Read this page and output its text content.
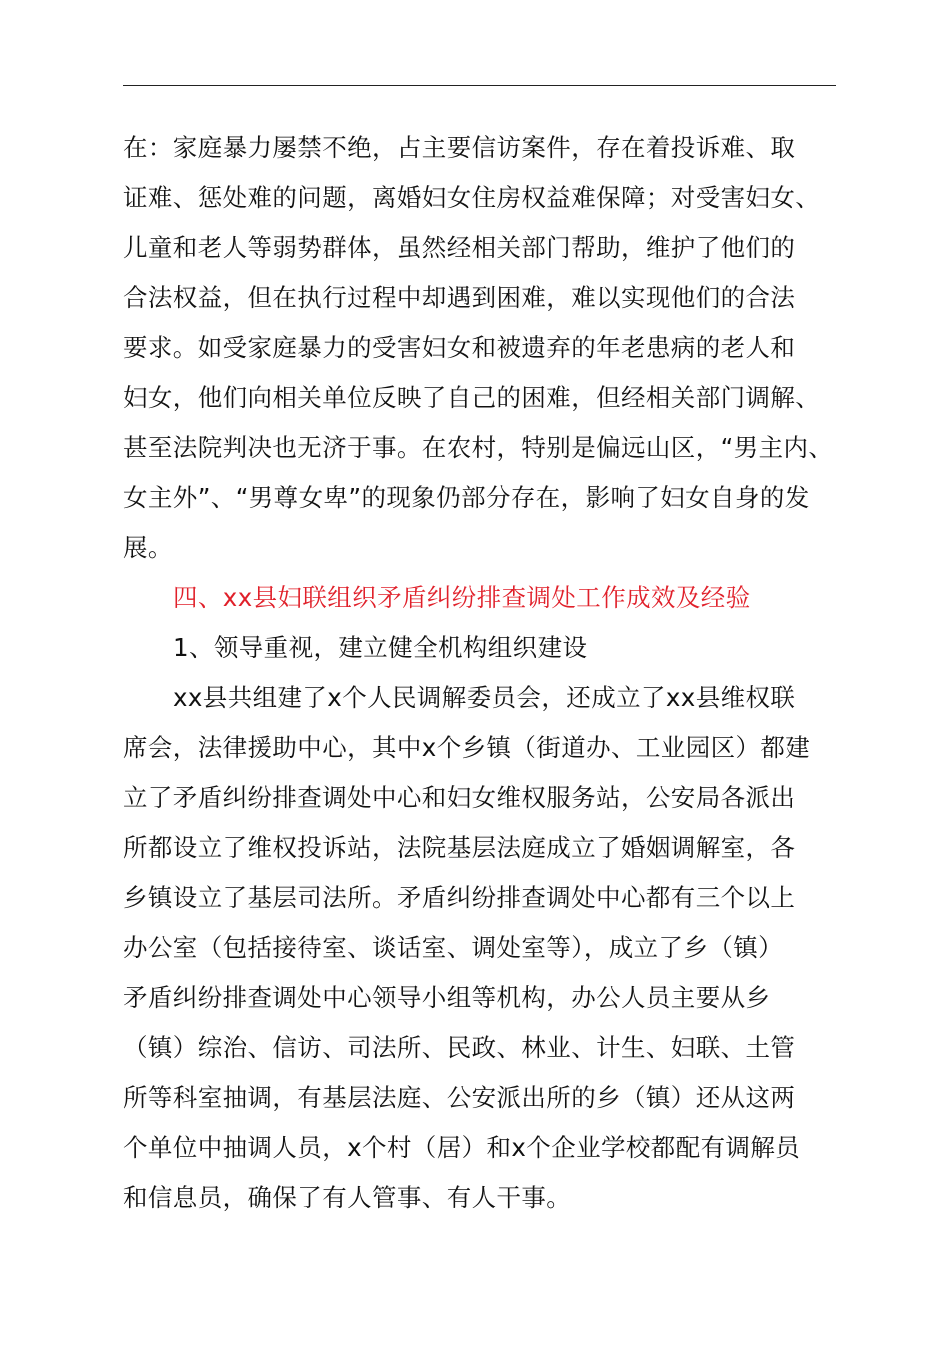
在：家庭暴力屡禁不绝，占主要信访案件，存在着投诉难、取
证难、惩处难的问题，离婚妇女住房权益难保障；对受害妇女、
儿童和老人等弱势群体，虽然经相关部门帮助，维护了他们的
合法权益，但在执行过程中却遇到困难，难以实现他们的合法
要求。如受家庭暴力的受害妇女和被遗弃的年老患病的老人和
妇女，他们向相关单位反映了自己的困难，但经相关部门调解、
甚至法院判决也无济于事。在农村，特别是偏远山区，“男主内、
女主外”、“男尊女卑”的现象仍部分存在，影响了妇女自身的发
展。
四、xx县妇联组织矛盾纠纷排查调处工作成效及经验
1、领导重视，建立健全机构组织建设
xx县共组建了x个人民调解委员会，还成立了xx县维权联
席会，法律援助中心，其中x个乡镇（街道办、工业园区）都建
立了矛盾纠纷排查调处中心和妇女维权服务站，公安局各派出
所都设立了维权投诉站，法院基层法庭成立了婚姻调解室，各
乡镇设立了基层司法所。矛盾纠纷排查调处中心都有三个以上
办公室（包括接待室、谈话室、调处室等），成立了乡（镇）
矛盾纠纷排查调处中心领导小组等机构，办公人员主要从乡
（镇）综治、信访、司法所、民政、林业、计生、妇联、土管
所等科室抽调，有基层法庭、公安派出所的乡（镇）还从这两
个单位中抽调人员，x个村（居）和x个企业学校都配有调解员
和信息员，确保了有人管事、有人干事。
